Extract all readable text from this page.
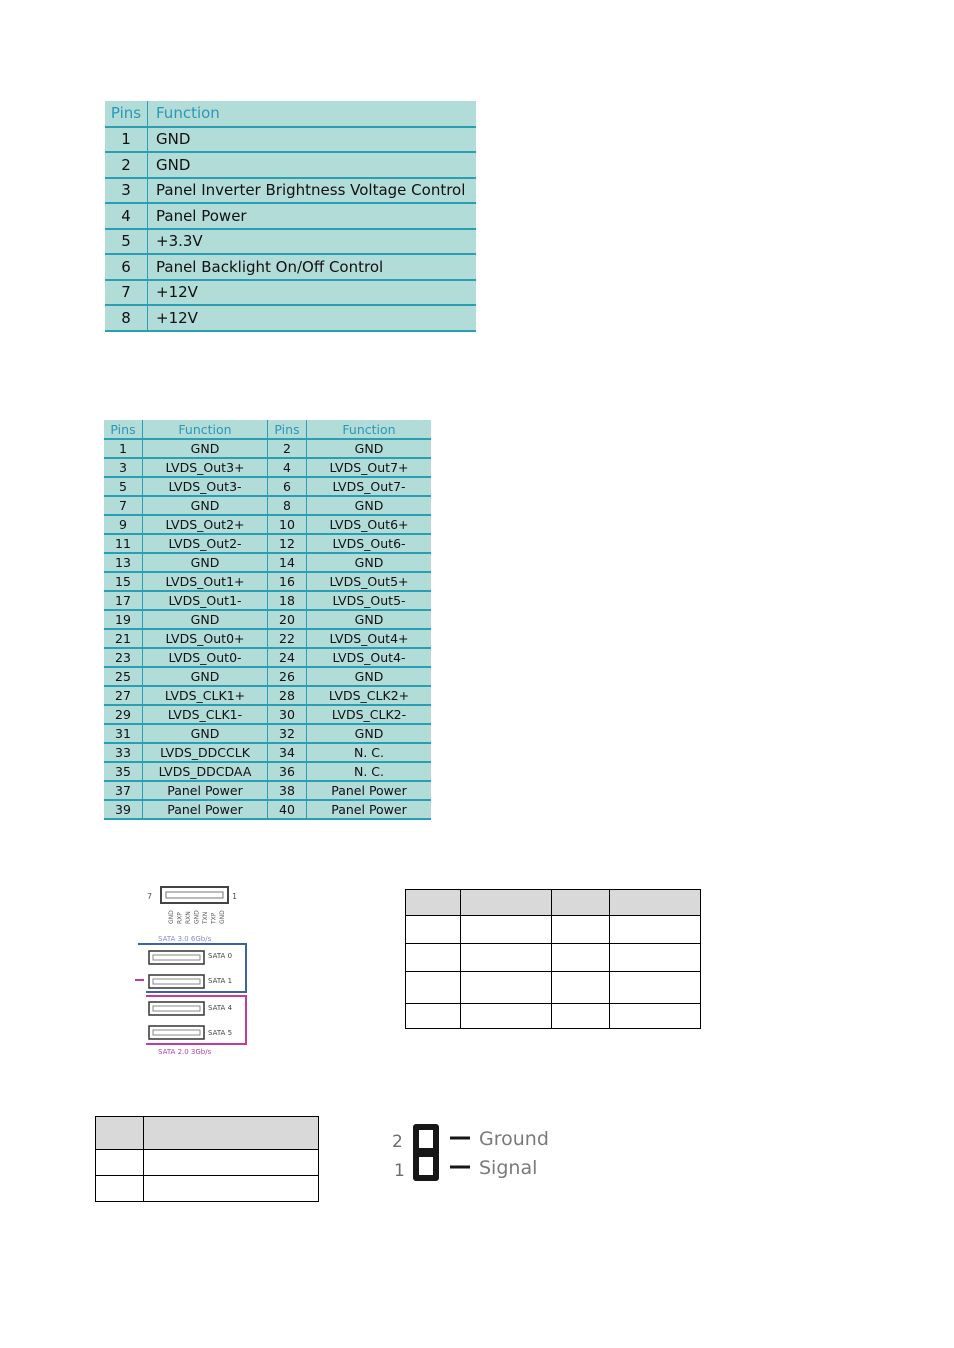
Pins	Function
1	GND
2	GND
3	Panel Inverter Brightness Voltage Control
4	Panel Power
5	+3.3V
6	Panel Backlight On/Off Control
7	+12V
8	+12V
Pins	Function	Pins	Function
1	GND	2	GND
3	LVDS_Out3+	4	LVDS_Out7+
5	LVDS_Out3-	6	LVDS_Out7-
7	GND	8	GND
9	LVDS_Out2+	10	LVDS_Out6+
11	LVDS_Out2-	12	LVDS_Out6-
13	GND	14	GND
15	LVDS_Out1+	16	LVDS_Out5+
17	LVDS_Out1-	18	LVDS_Out5-
19	GND	20	GND
21	LVDS_Out0+	22	LVDS_Out4+
23	LVDS_Out0-	24	LVDS_Out4-
25	GND	26	GND
27	LVDS_CLK1+	28	LVDS_CLK2+
29	LVDS_CLK1-	30	LVDS_CLK2-
31	GND	32	GND
33	LVDS_DDCCLK	34	N. C.
35	LVDS_DDCDAA	36	N. C.
37	Panel Power	38	Panel Power
39	Panel Power	40	Panel Power
7	1
GND RXP RXN GND TXN TXP GND
SATA 3.0 6Gb/s
SATA 0
SATA 1
SATA 4
SATA 5
SATA 2.0 3Gb/s

2
1
Ground
Signal
